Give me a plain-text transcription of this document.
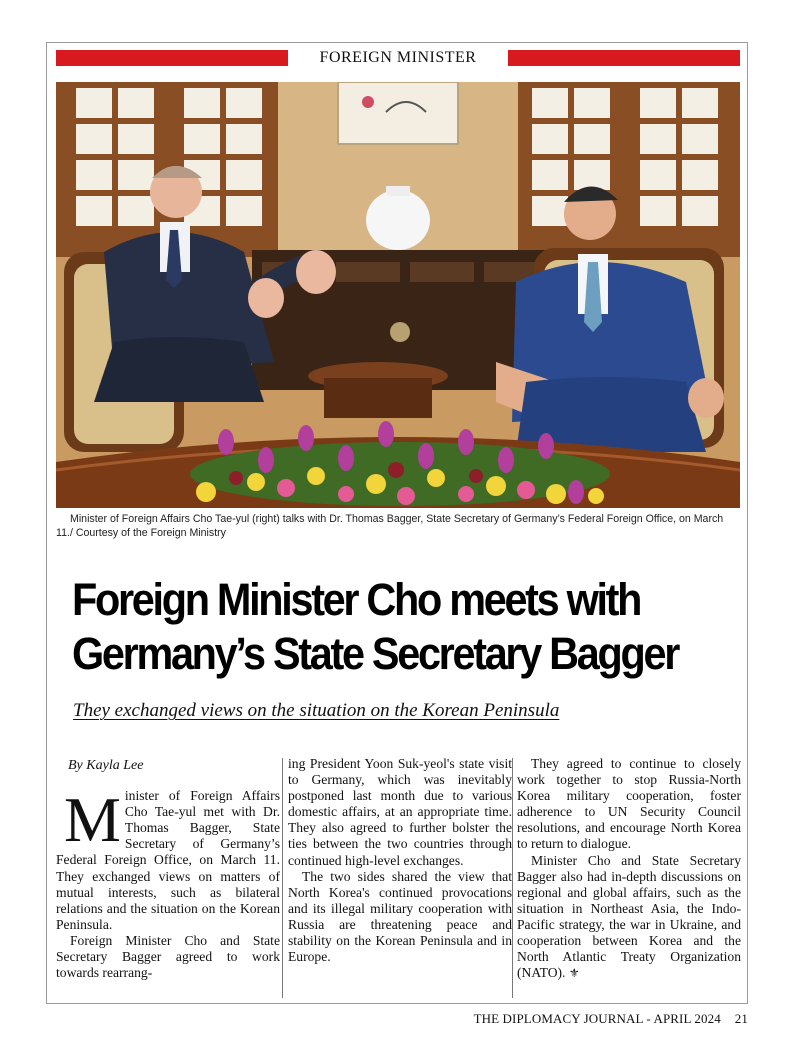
FOREIGN MINISTER
Minister of Foreign Affairs Cho Tae-yul (right) talks with Dr. Thomas Bagger, State Secretary of Germany’s Federal Foreign Office, on March 11./ Courtesy of the Foreign Ministry
Foreign Minister Cho meets with
Germany’s State Secretary Bagger
They exchanged views on the situation on the Korean Peninsula
By Kayla Lee

Minister of Foreign Affairs Cho Tae-yul met with Dr. Thomas Bagger, State Secretary of Germany’s Federal Foreign Office, on March 11. They exchanged views on matters of mutual interests, such as bilateral relations and the situation on the Korean Peninsula.

Foreign Minister Cho and State Secretary Bagger agreed to work towards rearrang-

ing President Yoon Suk-yeol's state visit to Germany, which was inevitably postponed last month due to various domestic affairs, at an appropriate time. They also agreed to further bolster the ties between the two countries through continued high-level exchanges.

The two sides shared the view that North Korea's continued provocations and its illegal military cooperation with Russia are threatening peace and stability on the Korean Peninsula and in Europe.

They agreed to continue to closely work together to stop Russia-North Korea military cooperation, foster adherence to UN Security Council resolutions, and encourage North Korea to return to dialogue.

Minister Cho and State Secretary Bagger also had in-depth discussions on regional and global affairs, such as the situation in Northeast Asia, the Indo-Pacific strategy, the war in Ukraine, and cooperation between Korea and the North Atlantic Treaty Organization (NATO). ⚜

THE DIPLOMACY JOURNAL - APRIL 2024 21
